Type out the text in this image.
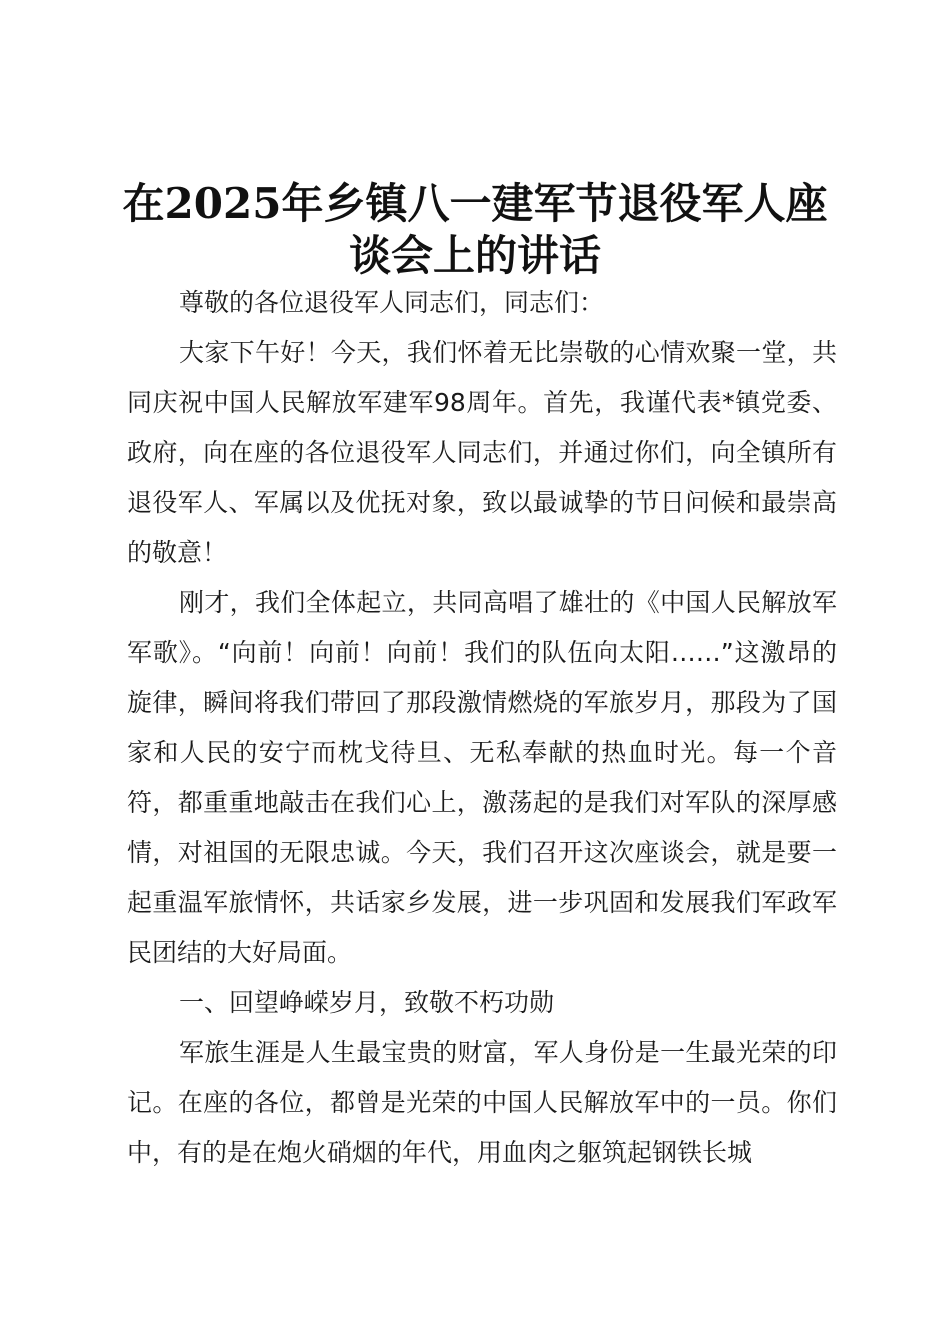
在2025年乡镇八一建军节退役军人座谈会上的讲话

尊敬的各位退役军人同志们，同志们：

大家下午好！今天，我们怀着无比崇敬的心情欢聚一堂，共同庆祝中国人民解放军建军98周年。首先，我谨代表*镇党委、政府，向在座的各位退役军人同志们，并通过你们，向全镇所有退役军人、军属以及优抚对象，致以最诚挚的节日问候和最崇高的敬意！

刚才，我们全体起立，共同高唱了雄壮的《中国人民解放军军歌》。“向前！向前！向前！我们的队伍向太阳……”这激昂的旋律，瞬间将我们带回了那段激情燃烧的军旅岁月，那段为了国家和人民的安宁而枕戈待旦、无私奉献的热血时光。每一个音符，都重重地敲击在我们心上，激荡起的是我们对军队的深厚感情，对祖国的无限忠诚。今天，我们召开这次座谈会，就是要一起重温军旅情怀，共话家乡发展，进一步巩固和发展我们军政军民团结的大好局面。

一、回望峥嵘岁月，致敬不朽功勋

军旅生涯是人生最宝贵的财富，军人身份是一生最光荣的印记。在座的各位，都曾是光荣的中国人民解放军中的一员。你们中，有的是在炮火硝烟的年代，用血肉之躯筑起钢铁长城
